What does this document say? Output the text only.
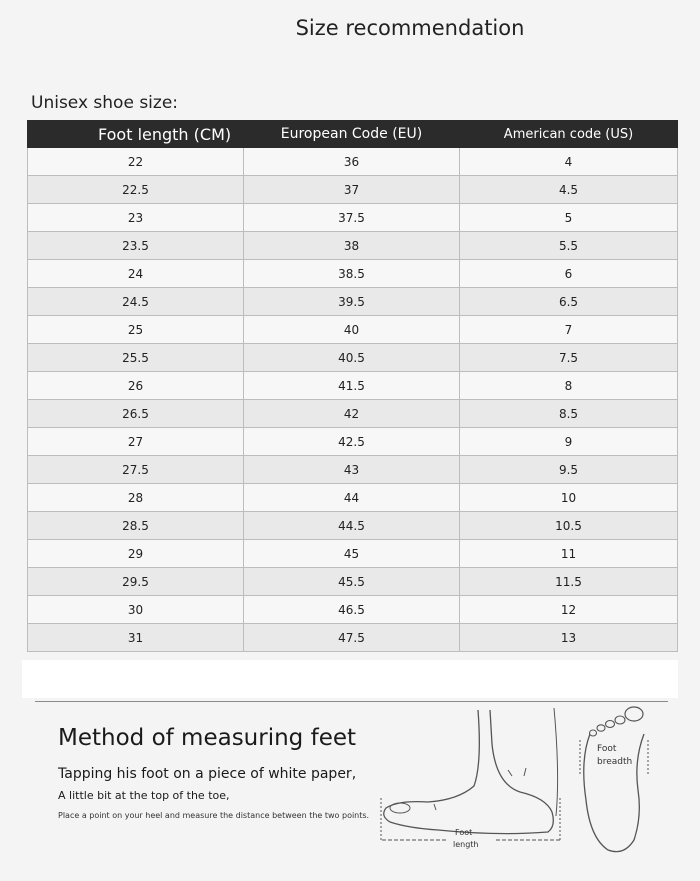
Size recommendation
Unisex shoe size:
Foot length (CM)	European Code (EU)	American code (US)
22	36	4
22.5	37	4.5
23	37.5	5
23.5	38	5.5
24	38.5	6
24.5	39.5	6.5
25	40	7
25.5	40.5	7.5
26	41.5	8
26.5	42	8.5
27	42.5	9
27.5	43	9.5
28	44	10
28.5	44.5	10.5
29	45	11
29.5	45.5	11.5
30	46.5	12
31	47.5	13
Method of measuring feet
Tapping his foot on a piece of white paper,
A little bit at the top of the toe,
Place a point on your heel and measure the distance between the two points.
Foot
length
Foot
breadth
